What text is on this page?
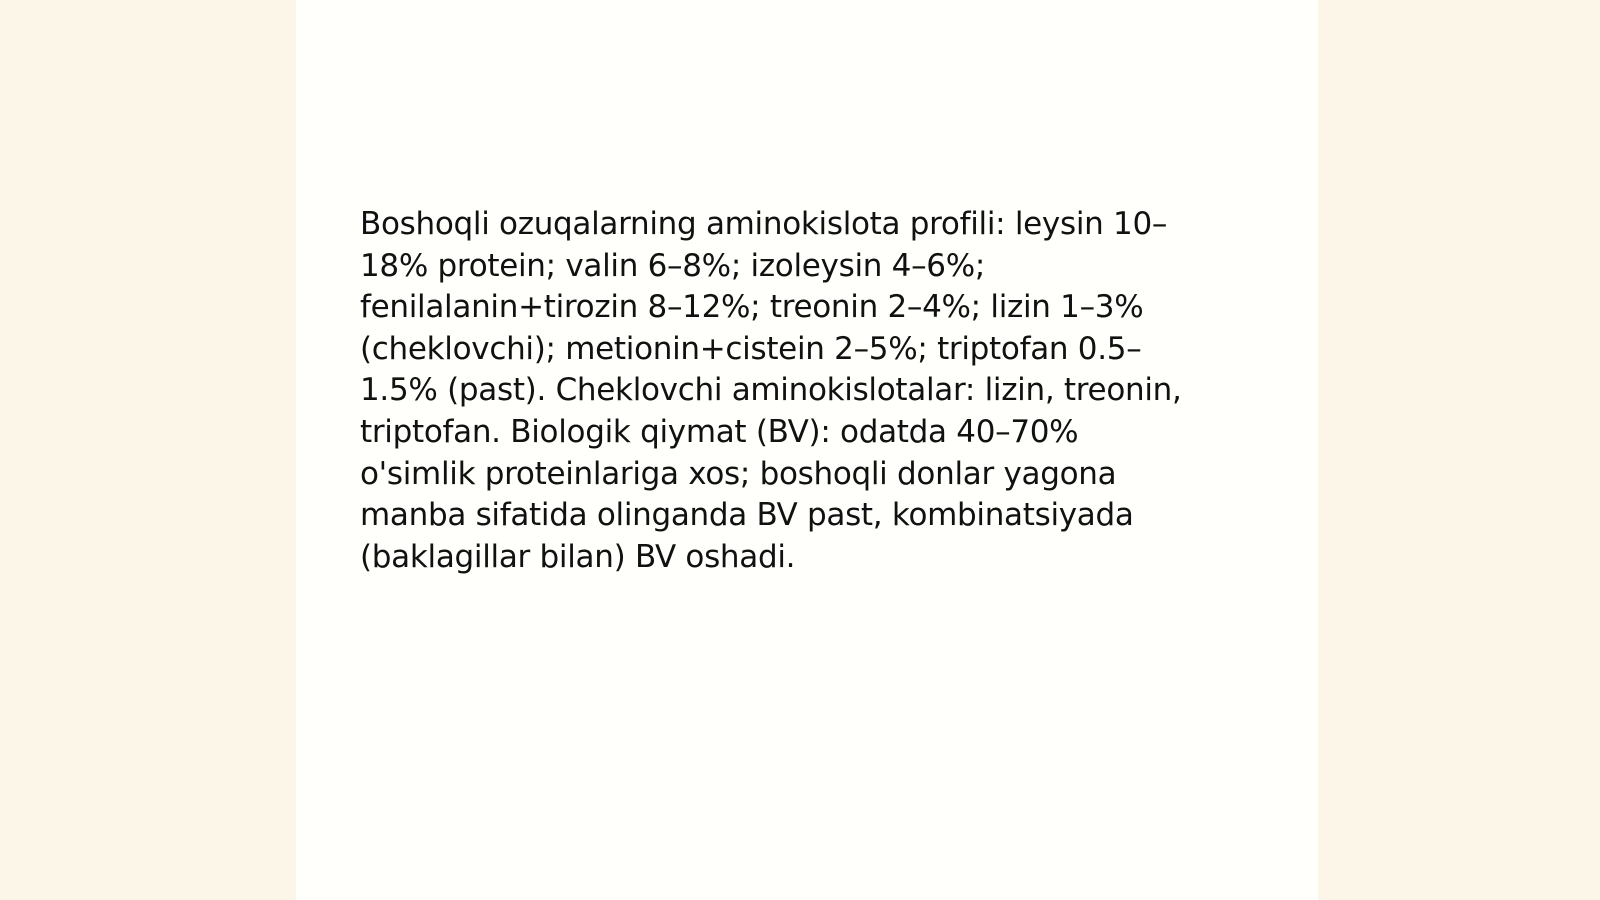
Boshoqli ozuqalarning aminokislota profili: leysin 10–
18% protein; valin 6–8%; izoleysin 4–6%;
fenilalanin+tirozin 8–12%; treonin 2–4%; lizin 1–3%
(cheklovchi); metionin+cistein 2–5%; triptofan 0.5–
1.5% (past). Cheklovchi aminokislotalar: lizin, treonin,
triptofan. Biologik qiymat (BV): odatda 40–70%
o'simlik proteinlariga xos; boshoqli donlar yagona
manba sifatida olinganda BV past, kombinatsiyada
(baklagillar bilan) BV oshadi.
